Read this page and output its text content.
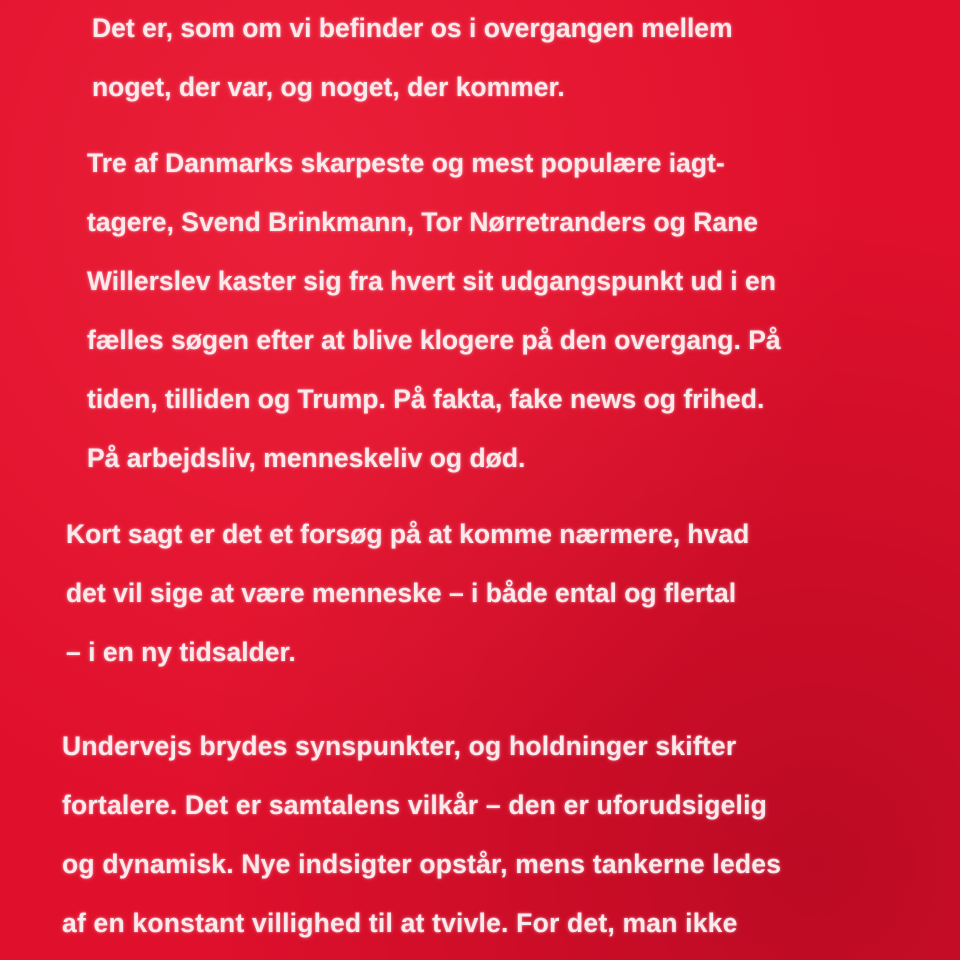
Det er, som om vi befinder os i overgangen mellem
noget, der var, og noget, der kommer.

Tre af Danmarks skarpeste og mest populære iagt-
tagere, Svend Brinkmann, Tor Nørretranders og Rane
Willerslev kaster sig fra hvert sit udgangspunkt ud i en
fælles søgen efter at blive klogere på den overgang. På
tiden, tilliden og Trump. På fakta, fake news og frihed.
På arbejdsliv, menneskeliv og død.

Kort sagt er det et forsøg på at komme nærmere, hvad
det vil sige at være menneske – i både ental og flertal
– i en ny tidsalder.

Undervejs brydes synspunkter, og holdninger skifter
fortalere. Det er samtalens vilkår – den er uforudsigelig
og dynamisk. Nye indsigter opstår, mens tankerne ledes
af en konstant villighed til at tvivle. For det, man ikke
